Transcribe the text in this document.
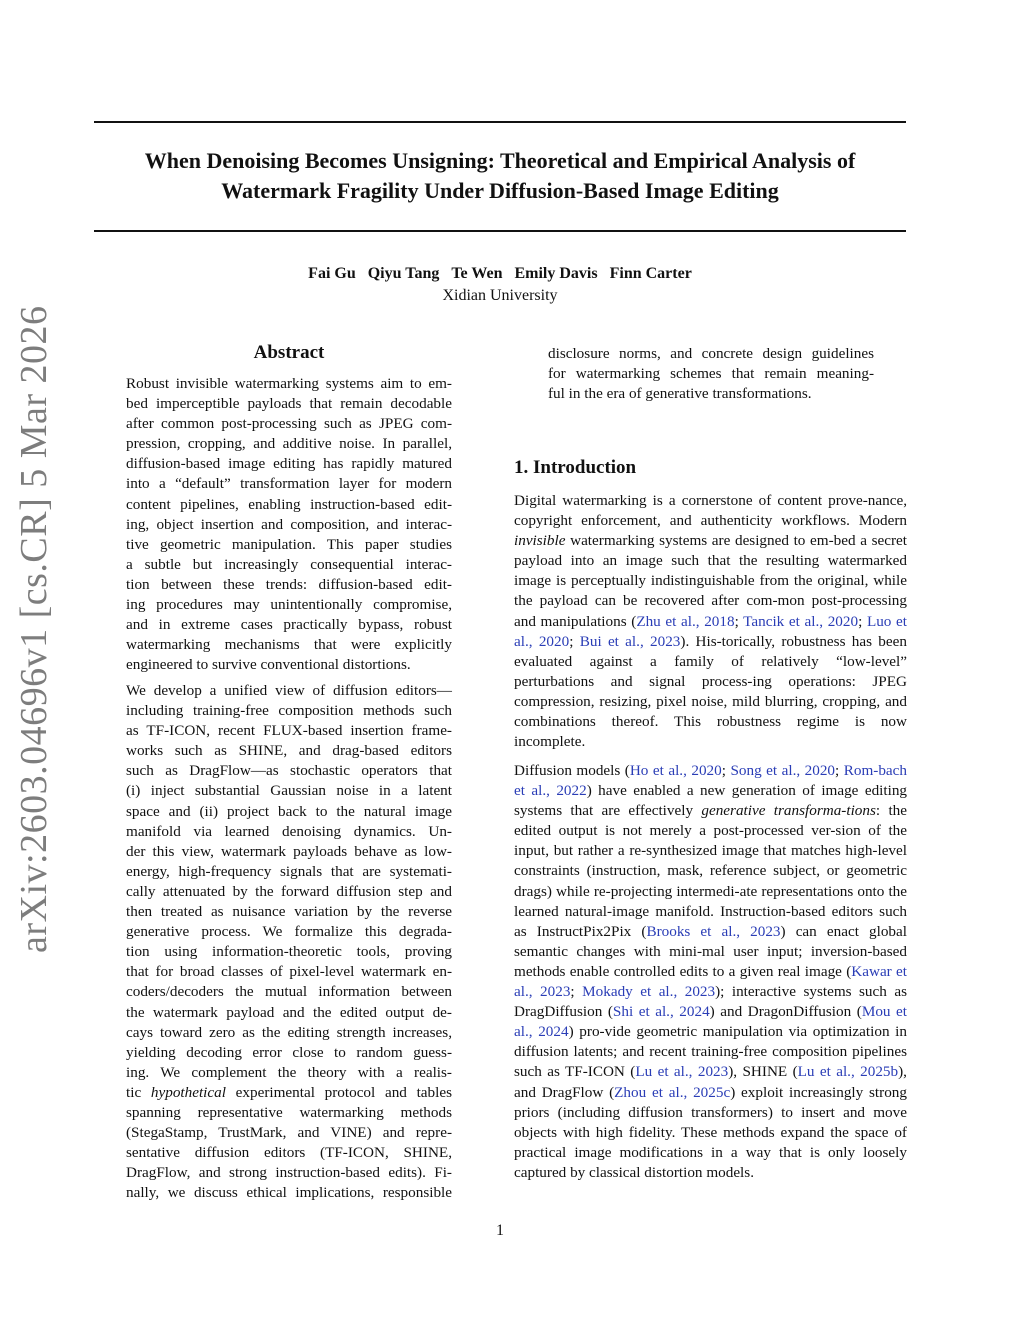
When Denoising Becomes Unsigning: Theoretical and Empirical Analysis of
Watermark Fragility Under Diffusion-Based Image Editing
Fai Gu Qiyu Tang Te Wen Emily Davis Finn Carter
Xidian University
arXiv:2603.04696v1 [cs.CR] 5 Mar 2026	Abstract
Robust invisible watermarking systems aim to em-
bed imperceptible payloads that remain decodable
after common post-processing such as JPEG com-
pression, cropping, and additive noise. In parallel,
diffusion-based image editing has rapidly matured
into a “default” transformation layer for modern
content pipelines, enabling instruction-based edit-
ing, object insertion and composition, and interac-
tive geometric manipulation. This paper studies
a subtle but increasingly consequential interac-
tion between these trends: diffusion-based edit-
ing procedures may unintentionally compromise,
and in extreme cases practically bypass, robust
watermarking mechanisms that were explicitly
engineered to survive conventional distortions.
We develop a unified view of diffusion editors—
including training-free composition methods such
as TF-ICON, recent FLUX-based insertion frame-
works such as SHINE, and drag-based editors
such as DragFlow—as stochastic operators that
(i) inject substantial Gaussian noise in a latent
space and (ii) project back to the natural image
manifold via learned denoising dynamics. Un-
der this view, watermark payloads behave as low-
energy, high-frequency signals that are systemati-
cally attenuated by the forward diffusion step and
then treated as nuisance variation by the reverse
generative process. We formalize this degrada-
tion using information-theoretic tools, proving
that for broad classes of pixel-level watermark en-
coders/decoders the mutual information between
the watermark payload and the edited output de-
cays toward zero as the editing strength increases,
yielding decoding error close to random guess-
ing. We complement the theory with a realis-
tic hypothetical experimental protocol and tables
spanning representative watermarking methods
(StegaStamp, TrustMark, and VINE) and repre-
sentative diffusion editors (TF-ICON, SHINE,
DragFlow, and strong instruction-based edits). Fi-
nally, we discuss ethical implications, responsible
disclosure norms, and concrete design guidelines
for watermarking schemes that remain meaning-
ful in the era of generative transformations.
1. Introduction

Digital watermarking is a cornerstone of content prove-nance, copyright enforcement, and authenticity workflows. Modern invisible watermarking systems are designed to em-bed a secret payload into an image such that the resulting watermarked image is perceptually indistinguishable from the original, while the payload can be recovered after com-mon post-processing and manipulations (Zhu et al., 2018; Tancik et al., 2020; Luo et al., 2020; Bui et al., 2023). His-torically, robustness has been evaluated against a family of relatively “low-level” perturbations and signal process-ing operations: JPEG compression, resizing, pixel noise, mild blurring, cropping, and combinations thereof. This robustness regime is now incomplete.

Diffusion models (Ho et al., 2020; Song et al., 2020; Rom-bach et al., 2022) have enabled a new generation of image editing systems that are effectively generative transforma-tions: the edited output is not merely a post-processed ver-sion of the input, but rather a re-synthesized image that matches high-level constraints (instruction, mask, reference subject, or geometric drags) while re-projecting intermedi-ate representations onto the learned natural-image manifold. Instruction-based editors such as InstructPix2Pix (Brooks et al., 2023) can enact global semantic changes with mini-mal user input; inversion-based methods enable controlled edits to a given real image (Kawar et al., 2023; Mokady et al., 2023); interactive systems such as DragDiffusion (Shi et al., 2024) and DragonDiffusion (Mou et al., 2024) pro-vide geometric manipulation via optimization in diffusion latents; and recent training-free composition pipelines such as TF-ICON (Lu et al., 2023), SHINE (Lu et al., 2025b), and DragFlow (Zhou et al., 2025c) exploit increasingly strong priors (including diffusion transformers) to insert and move objects with high fidelity. These methods expand the space of practical image modifications in a way that is only loosely captured by classical distortion models.

1
